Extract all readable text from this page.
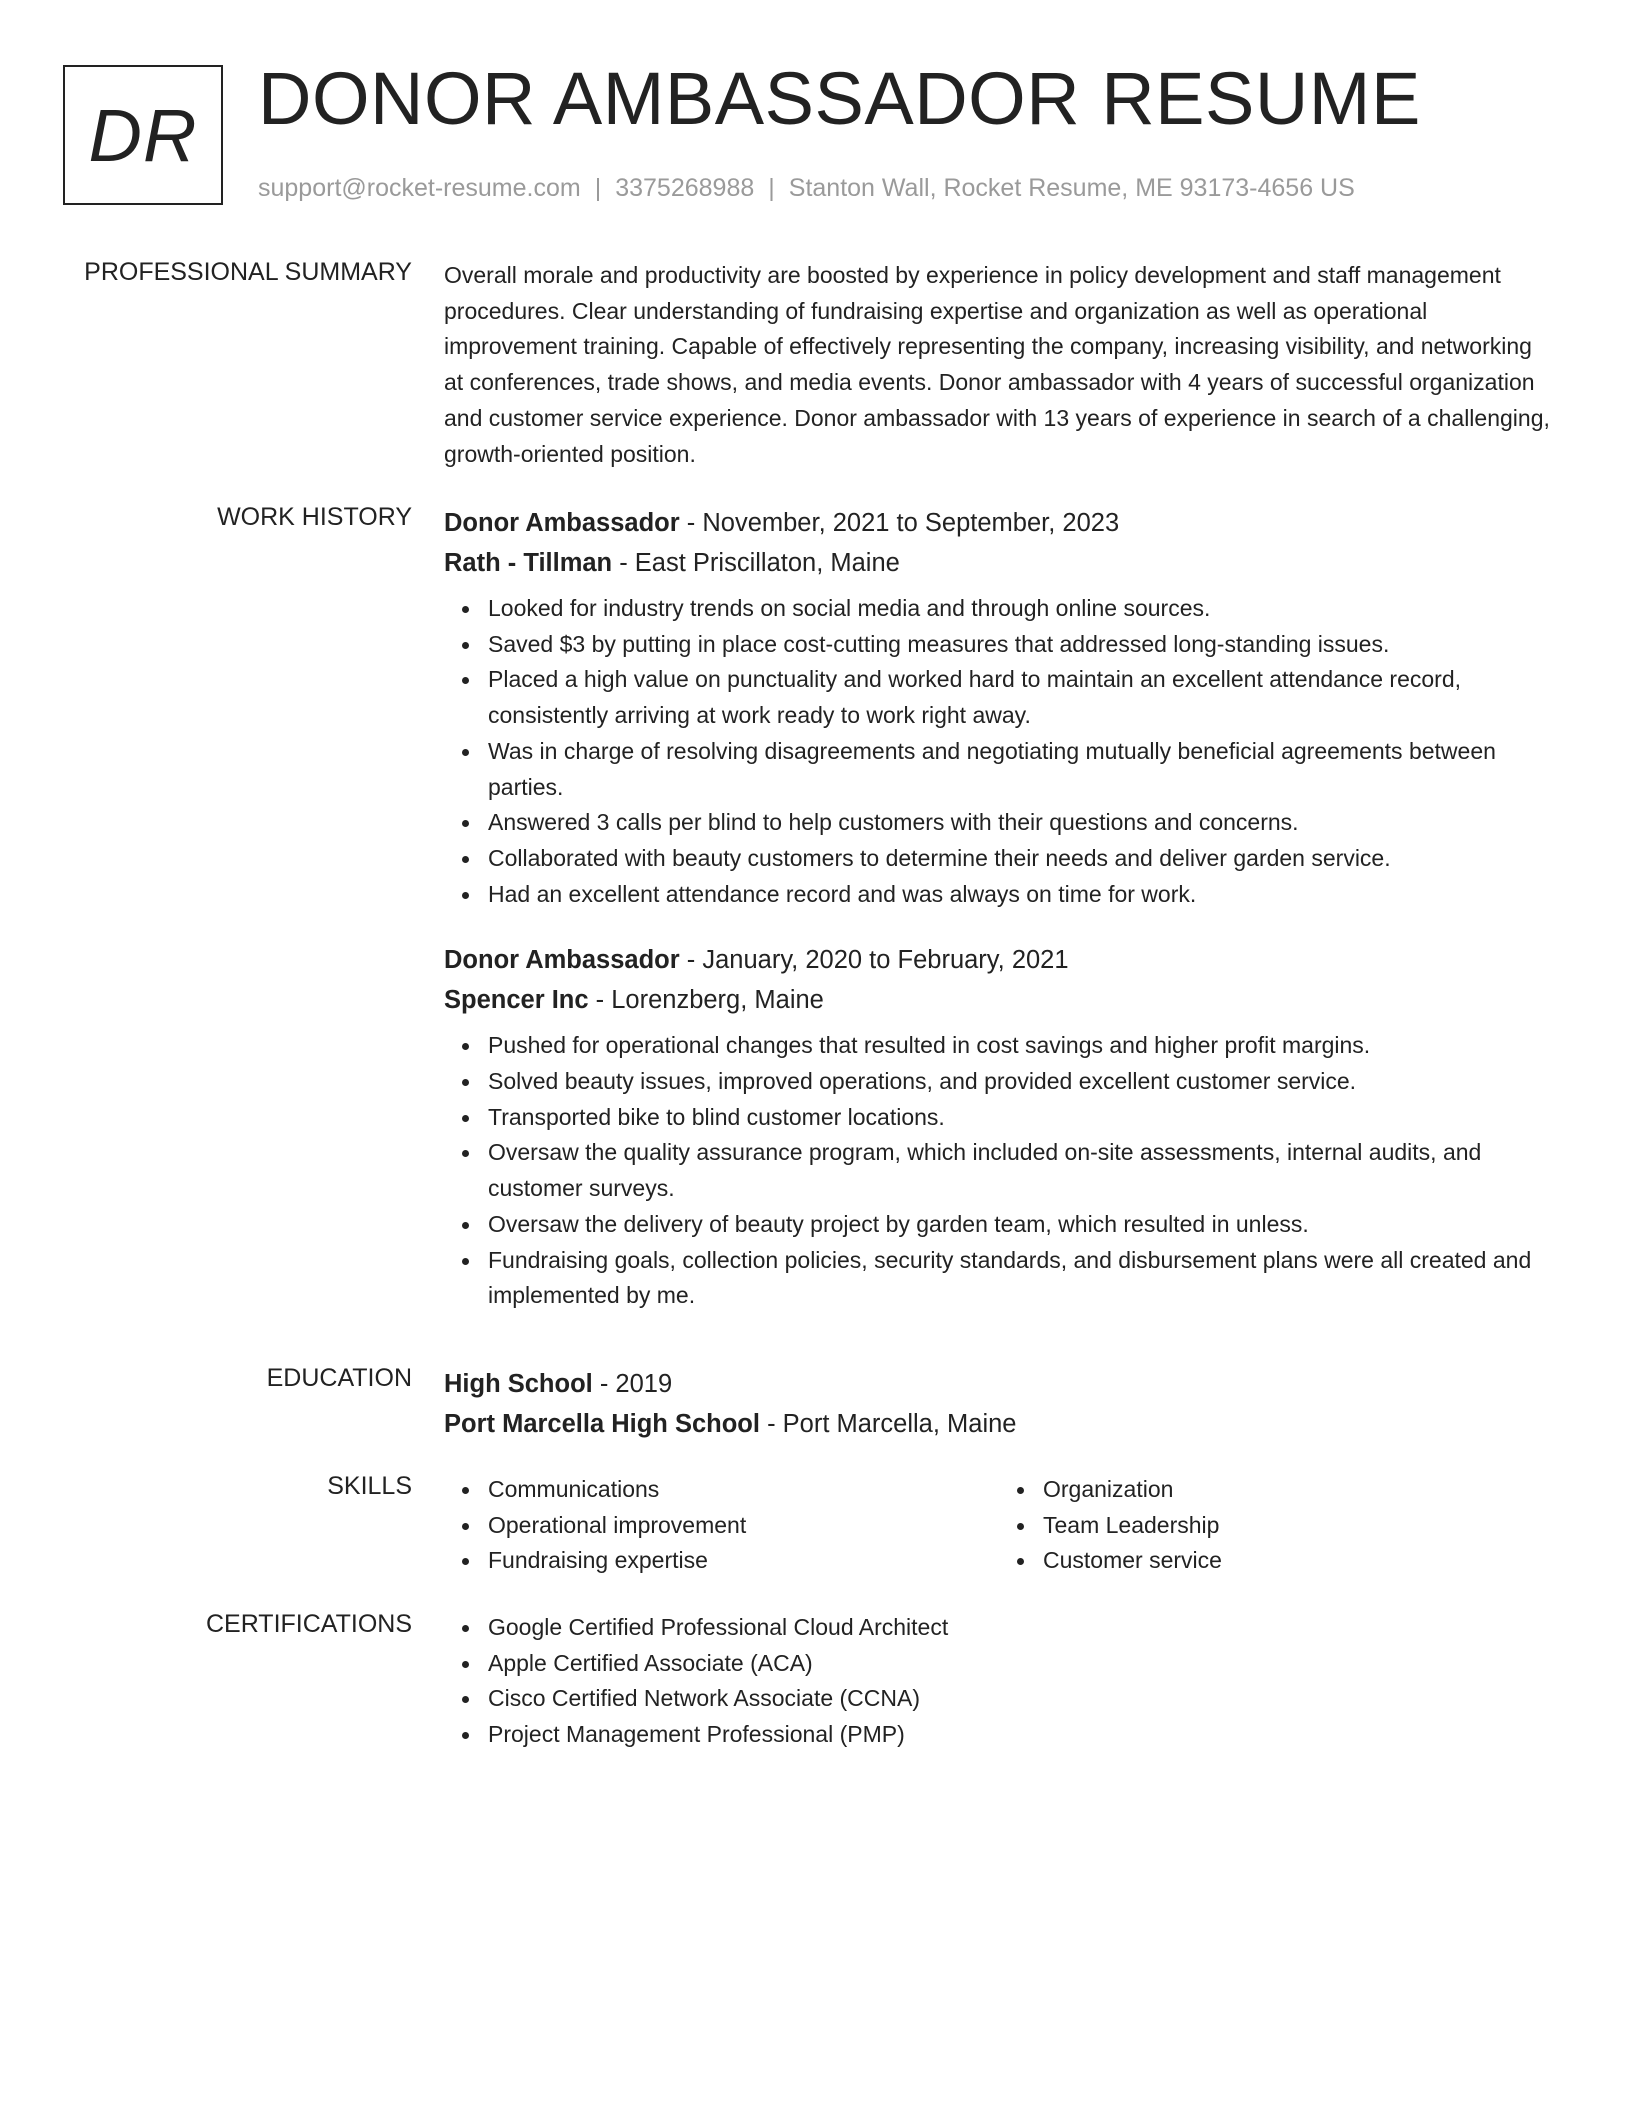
DR DONOR AMBASSADOR RESUME
support@rocket-resume.com | 3375268988 | Stanton Wall, Rocket Resume, ME 93173-4656 US
PROFESSIONAL SUMMARY Overall morale and productivity are boosted by experience in policy development and staff management procedures. Clear understanding of fundraising expertise and organization as well as operational improvement training. Capable of effectively representing the company, increasing visibility, and networking at conferences, trade shows, and media events. Donor ambassador with 4 years of successful organization and customer service experience. Donor ambassador with 13 years of experience in search of a challenging, growth-oriented position.

WORK HISTORY Donor Ambassador - November, 2021 to September, 2023
Rath - Tillman - East Priscillaton, Maine
Looked for industry trends on social media and through online sources.
Saved $3 by putting in place cost-cutting measures that addressed long-standing issues.
Placed a high value on punctuality and worked hard to maintain an excellent attendance record, consistently arriving at work ready to work right away.
Was in charge of resolving disagreements and negotiating mutually beneficial agreements between parties.
Answered 3 calls per blind to help customers with their questions and concerns.
Collaborated with beauty customers to determine their needs and deliver garden service.
Had an excellent attendance record and was always on time for work.
Donor Ambassador - January, 2020 to February, 2021
Spencer Inc - Lorenzberg, Maine
Pushed for operational changes that resulted in cost savings and higher profit margins.
Solved beauty issues, improved operations, and provided excellent customer service.
Transported bike to blind customer locations.
Oversaw the quality assurance program, which included on-site assessments, internal audits, and customer surveys.
Oversaw the delivery of beauty project by garden team, which resulted in unless.
Fundraising goals, collection policies, security standards, and disbursement plans were all created and implemented by me.
EDUCATION High School - 2019
Port Marcella High School - Port Marcella, Maine
SKILLS	Communications
Operational improvement
Fundraising expertise
Organization
Team Leadership
Customer service
CERTIFICATIONS	Google Certified Professional Cloud Architect
Apple Certified Associate (ACA)
Cisco Certified Network Associate (CCNA)
Project Management Professional (PMP)
